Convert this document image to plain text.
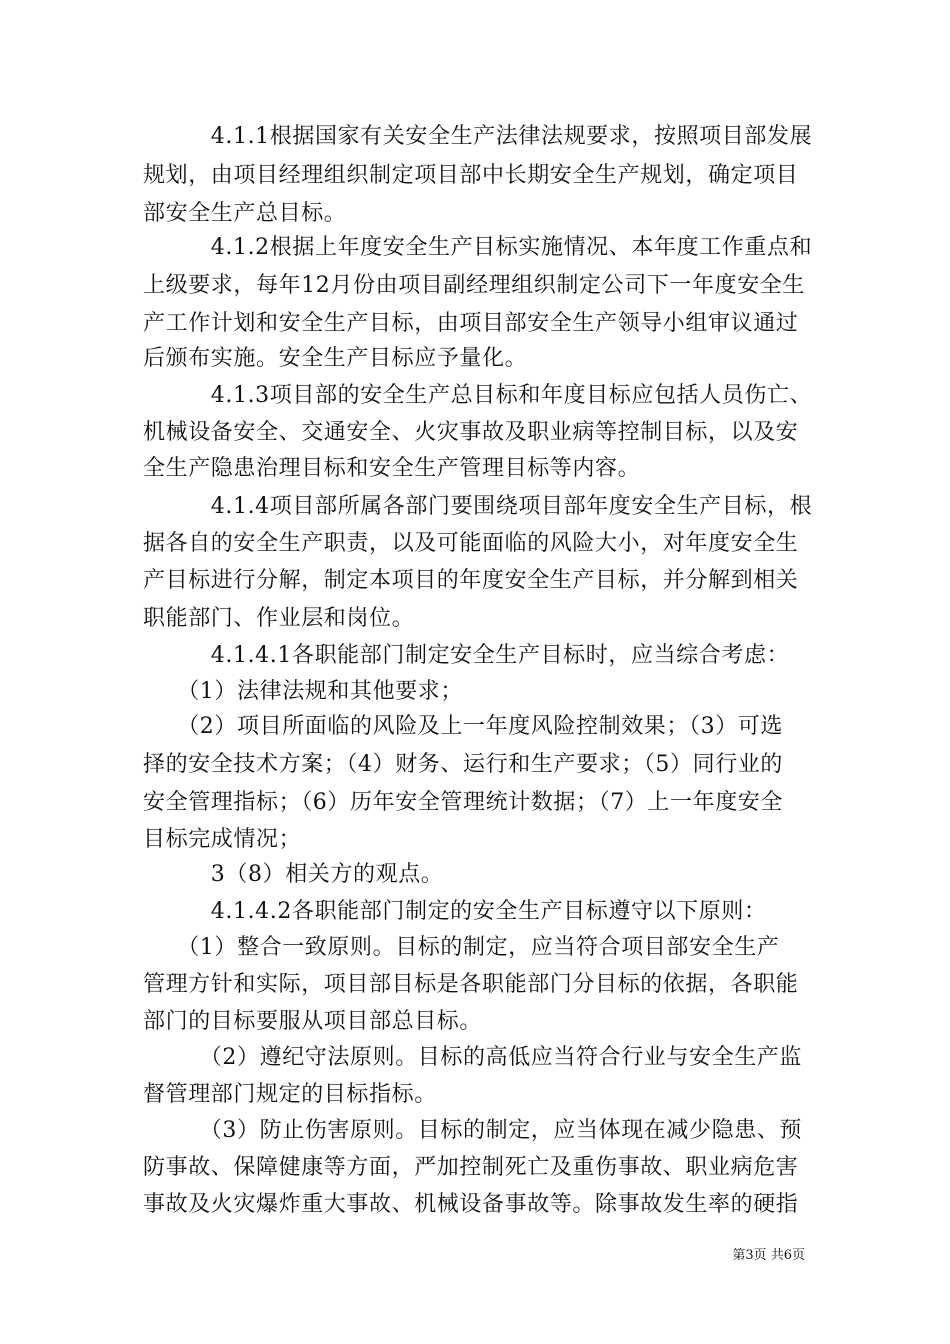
　　　4.1.1根据国家有关安全生产法律法规要求，按照项目部发展
规划，由项目经理组织制定项目部中长期安全生产规划，确定项目
部安全生产总目标。
　　　4.1.2根据上年度安全生产目标实施情况、本年度工作重点和
上级要求，每年12月份由项目副经理组织制定公司下一年度安全生
产工作计划和安全生产目标，由项目部安全生产领导小组审议通过
后颁布实施。安全生产目标应予量化。
　　　4.1.3项目部的安全生产总目标和年度目标应包括人员伤亡、
机械设备安全、交通安全、火灾事故及职业病等控制目标，以及安
全生产隐患治理目标和安全生产管理目标等内容。
　　　4.1.4项目部所属各部门要围绕项目部年度安全生产目标，根
据各自的安全生产职责，以及可能面临的风险大小，对年度安全生
产目标进行分解，制定本项目的年度安全生产目标，并分解到相关
职能部门、作业层和岗位。
　　　4.1.4.1各职能部门制定安全生产目标时，应当综合考虑：
　　（1）法律法规和其他要求；
　　（2）项目所面临的风险及上一年度风险控制效果；（3）可选
择的安全技术方案；（4）财务、运行和生产要求；（5）同行业的
安全管理指标；（6）历年安全管理统计数据；（7）上一年度安全
目标完成情况；
　　　3（8）相关方的观点。
　　　4.1.4.2各职能部门制定的安全生产目标遵守以下原则：
　　（1）整合一致原则。目标的制定，应当符合项目部安全生产
管理方针和实际，项目部目标是各职能部门分目标的依据，各职能
部门的目标要服从项目部总目标。
　　　（2）遵纪守法原则。目标的高低应当符合行业与安全生产监
督管理部门规定的目标指标。
　　　（3）防止伤害原则。目标的制定，应当体现在减少隐患、预
防事故、保障健康等方面，严加控制死亡及重伤事故、职业病危害
事故及火灾爆炸重大事故、机械设备事故等。除事故发生率的硬指
第3页 共6页
